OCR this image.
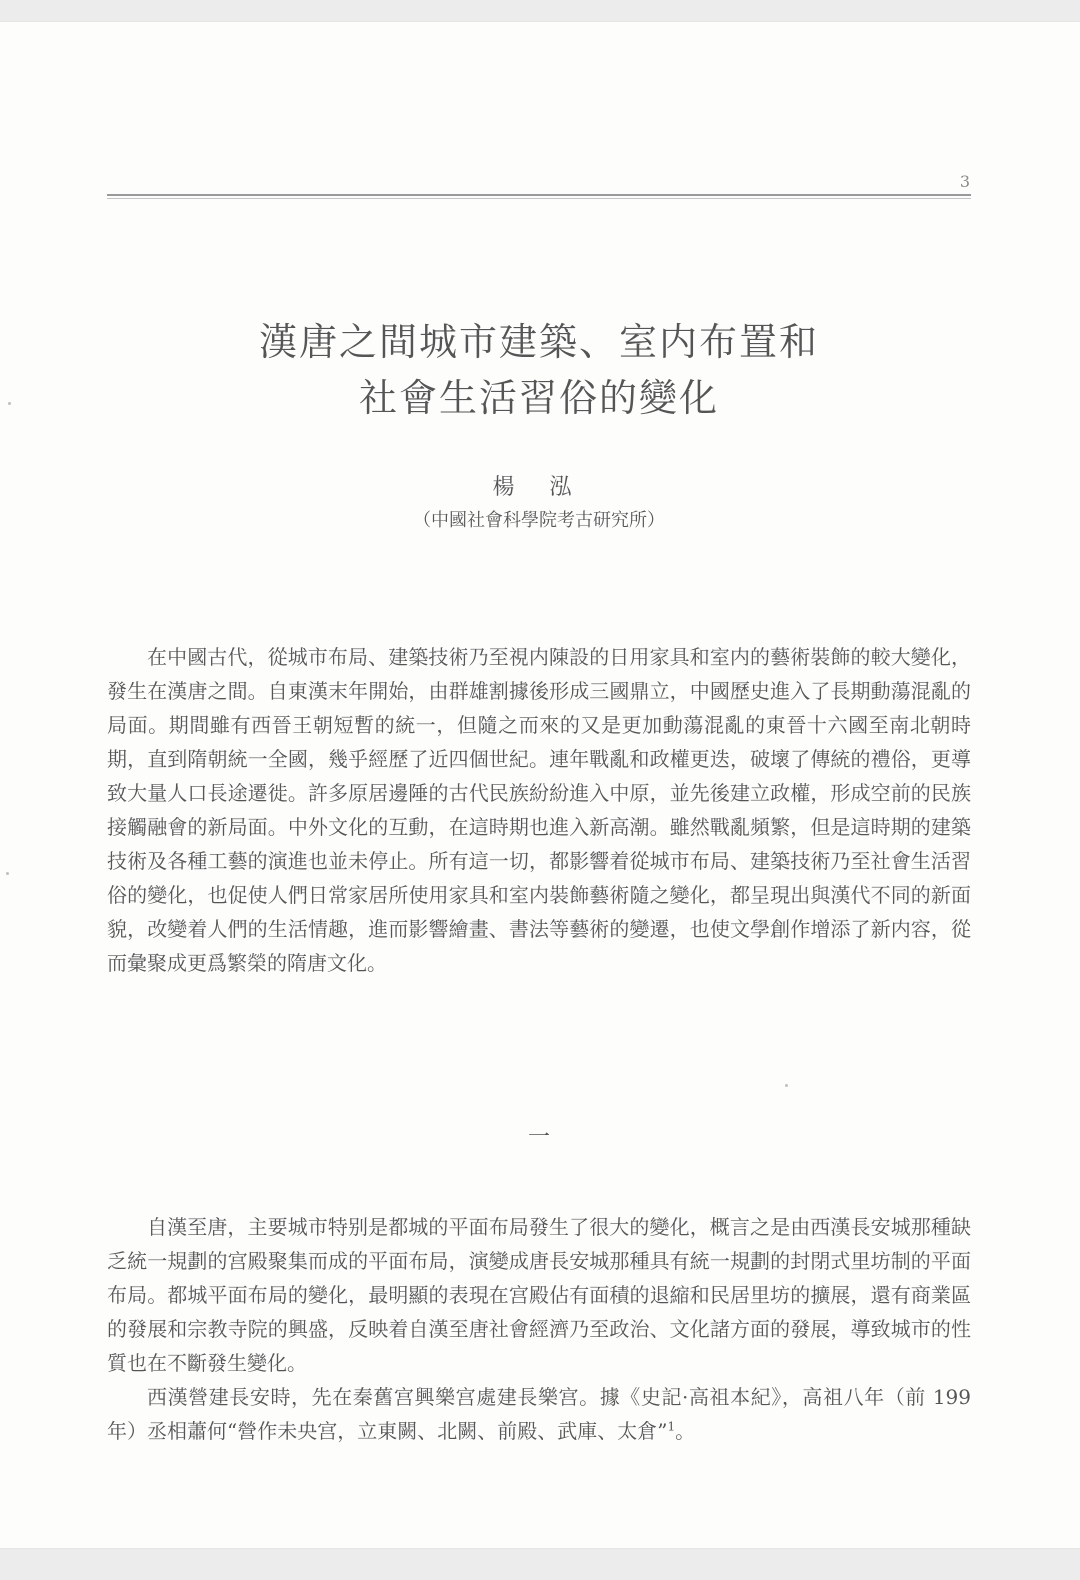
3
漢唐之間城市建築、室内布置和
社會生活習俗的變化
楊 泓
（中國社會科學院考古研究所）

在中國古代，從城市布局、建築技術乃至視内陳設的日用家具和室内的藝術裝飾的較大變化，發生在漢唐之間。自東漢末年開始，由群雄割據後形成三國鼎立，中國歷史進入了長期動蕩混亂的局面。期間雖有西晉王朝短暫的統一，但隨之而來的又是更加動蕩混亂的東晉十六國至南北朝時期，直到隋朝統一全國，幾乎經歷了近四個世紀。連年戰亂和政權更迭，破壞了傳統的禮俗，更導致大量人口長途遷徙。許多原居邊陲的古代民族紛紛進入中原，並先後建立政權，形成空前的民族接觸融會的新局面。中外文化的互動，在這時期也進入新高潮。雖然戰亂頻繁，但是這時期的建築技術及各種工藝的演進也並未停止。所有這一切，都影響着從城市布局、建築技術乃至社會生活習俗的變化，也促使人們日常家居所使用家具和室内裝飾藝術隨之變化，都呈現出與漢代不同的新面貌，改變着人們的生活情趣，進而影響繪畫、書法等藝術的變遷，也使文學創作增添了新内容，從而彙聚成更爲繁榮的隋唐文化。

一

自漢至唐，主要城市特别是都城的平面布局發生了很大的變化，概言之是由西漢長安城那種缺乏統一規劃的宫殿聚集而成的平面布局，演變成唐長安城那種具有統一規劃的封閉式里坊制的平面布局。都城平面布局的變化，最明顯的表現在宫殿佔有面積的退縮和民居里坊的擴展，還有商業區的發展和宗教寺院的興盛，反映着自漢至唐社會經濟乃至政治、文化諸方面的發展，導致城市的性質也在不斷發生變化。

西漢營建長安時，先在秦舊宫興樂宫處建長樂宫。據《史記·高祖本紀》，高祖八年（前 199 年）丞相蕭何“營作未央宫，立東闕、北闕、前殿、武庫、太倉”$^1$。
